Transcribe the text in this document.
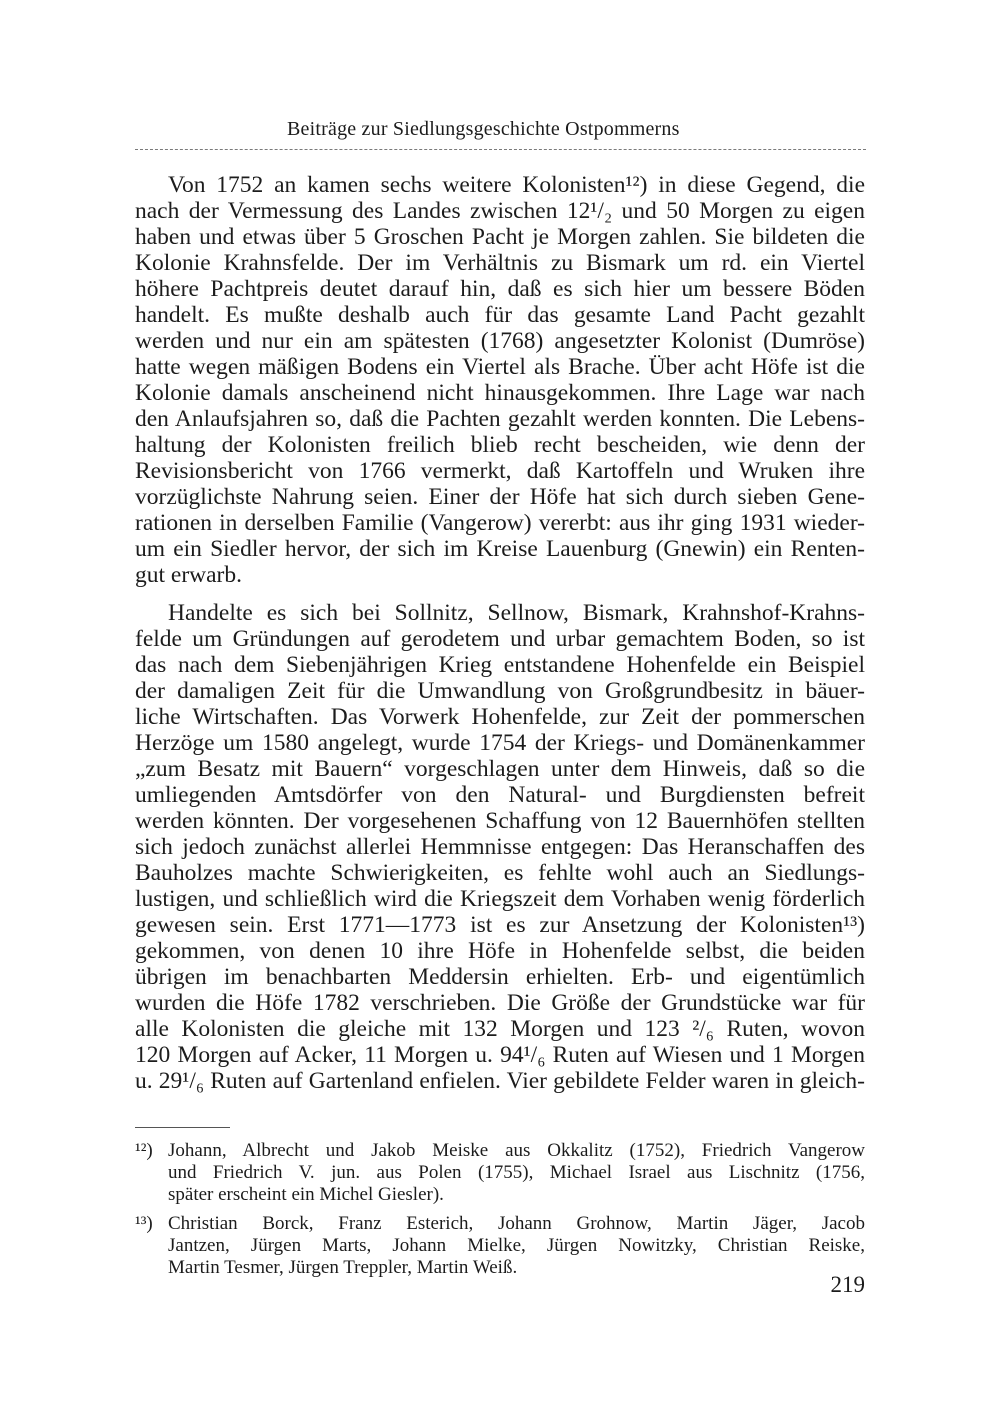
Beiträge zur Siedlungsgeschichte Ostpommerns
Von 1752 an kamen sechs weitere Kolonisten¹²) in diese Gegend, die
nach der Vermessung des Landes zwischen 12¹/₂ und 50 Morgen zu eigen
haben und etwas über 5 Groschen Pacht je Morgen zahlen. Sie bildeten die
Kolonie Krahnsfelde. Der im Verhältnis zu Bismark um rd. ein Viertel
höhere Pachtpreis deutet darauf hin, daß es sich hier um bessere Böden
handelt. Es mußte deshalb auch für das gesamte Land Pacht gezahlt
werden und nur ein am spätesten (1768) angesetzter Kolonist (Dumröse)
hatte wegen mäßigen Bodens ein Viertel als Brache. Über acht Höfe ist die
Kolonie damals anscheinend nicht hinausgekommen. Ihre Lage war nach
den Anlaufsjahren so, daß die Pachten gezahlt werden konnten. Die Lebens-
haltung der Kolonisten freilich blieb recht bescheiden, wie denn der
Revisionsbericht von 1766 vermerkt, daß Kartoffeln und Wruken ihre
vorzüglichste Nahrung seien. Einer der Höfe hat sich durch sieben Gene-
rationen in derselben Familie (Vangerow) vererbt: aus ihr ging 1931 wieder-
um ein Siedler hervor, der sich im Kreise Lauenburg (Gnewin) ein Renten-
gut erwarb.
Handelte es sich bei Sollnitz, Sellnow, Bismark, Krahnshof-Krahns-
felde um Gründungen auf gerodetem und urbar gemachtem Boden, so ist
das nach dem Siebenjährigen Krieg entstandene Hohenfelde ein Beispiel
der damaligen Zeit für die Umwandlung von Großgrundbesitz in bäuer-
liche Wirtschaften. Das Vorwerk Hohenfelde, zur Zeit der pommerschen
Herzöge um 1580 angelegt, wurde 1754 der Kriegs- und Domänenkammer
„zum Besatz mit Bauern“ vorgeschlagen unter dem Hinweis, daß so die
umliegenden Amtsdörfer von den Natural- und Burgdiensten befreit
werden könnten. Der vorgesehenen Schaffung von 12 Bauernhöfen stellten
sich jedoch zunächst allerlei Hemmnisse entgegen: Das Heranschaffen des
Bauholzes machte Schwierigkeiten, es fehlte wohl auch an Siedlungs-
lustigen, und schließlich wird die Kriegszeit dem Vorhaben wenig förderlich
gewesen sein. Erst 1771—1773 ist es zur Ansetzung der Kolonisten¹³)
gekommen, von denen 10 ihre Höfe in Hohenfelde selbst, die beiden
übrigen im benachbarten Meddersin erhielten. Erb- und eigentümlich
wurden die Höfe 1782 verschrieben. Die Größe der Grundstücke war für
alle Kolonisten die gleiche mit 132 Morgen und 123 ²/₆ Ruten, wovon
120 Morgen auf Acker, 11 Morgen u. 94¹/₆ Ruten auf Wiesen und 1 Morgen
u. 29¹/₆ Ruten auf Gartenland enfielen. Vier gebildete Felder waren in gleich-
¹²) Johann, Albrecht und Jakob Meiske aus Okkalitz (1752), Friedrich Vangerow
und Friedrich V. jun. aus Polen (1755), Michael Israel aus Lischnitz (1756,
später erscheint ein Michel Giesler).
¹³) Christian Borck, Franz Esterich, Johann Grohnow, Martin Jäger, Jacob
Jantzen, Jürgen Marts, Johann Mielke, Jürgen Nowitzky, Christian Reiske,
Martin Tesmer, Jürgen Treppler, Martin Weiß.
219
